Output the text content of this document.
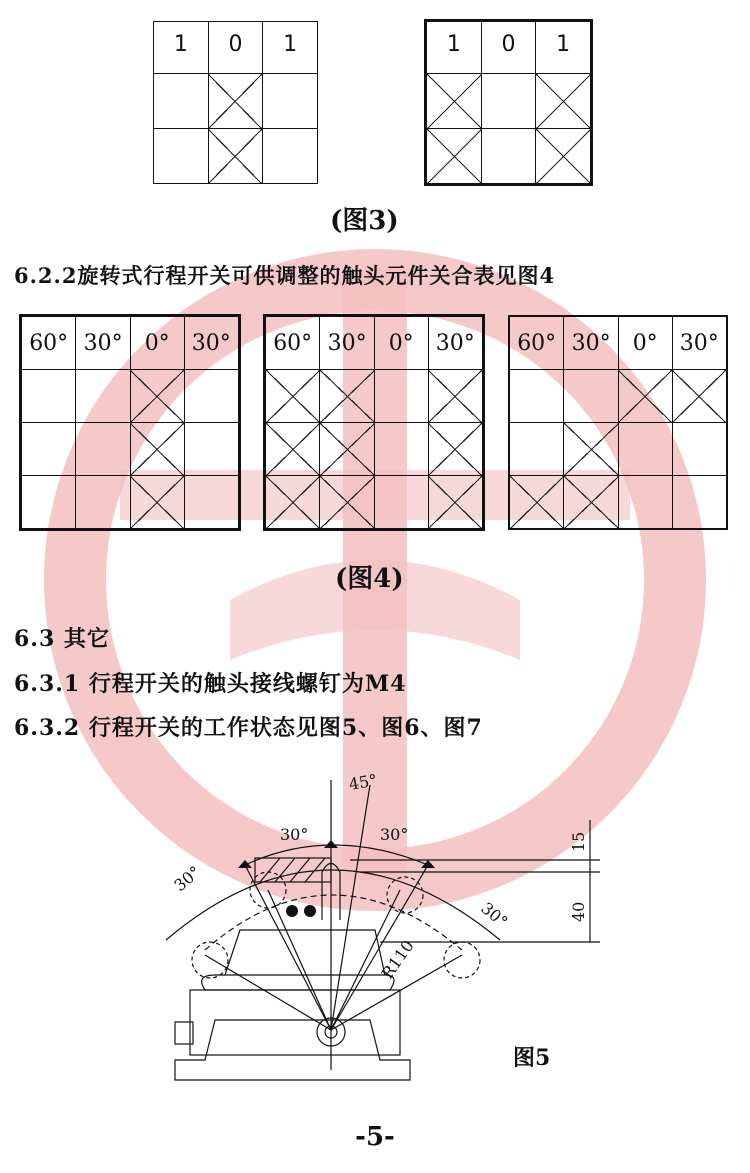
1	0	1

			1	0	1

(图3)
6.2.2旋转式行程开关可供调整的触头元件关合表见图4
60°	30°	0°	30°

			60°	30°	0°	30°

			60°	30°	0°	30°

(图4)
6.3 其它
6.3.1 行程开关的触头接线螺钉为M4
6.3.2 行程开关的工作状态见图5、图6、图7
45°
30°	30°
30°
30°
R110
15
40
图5
-5-
